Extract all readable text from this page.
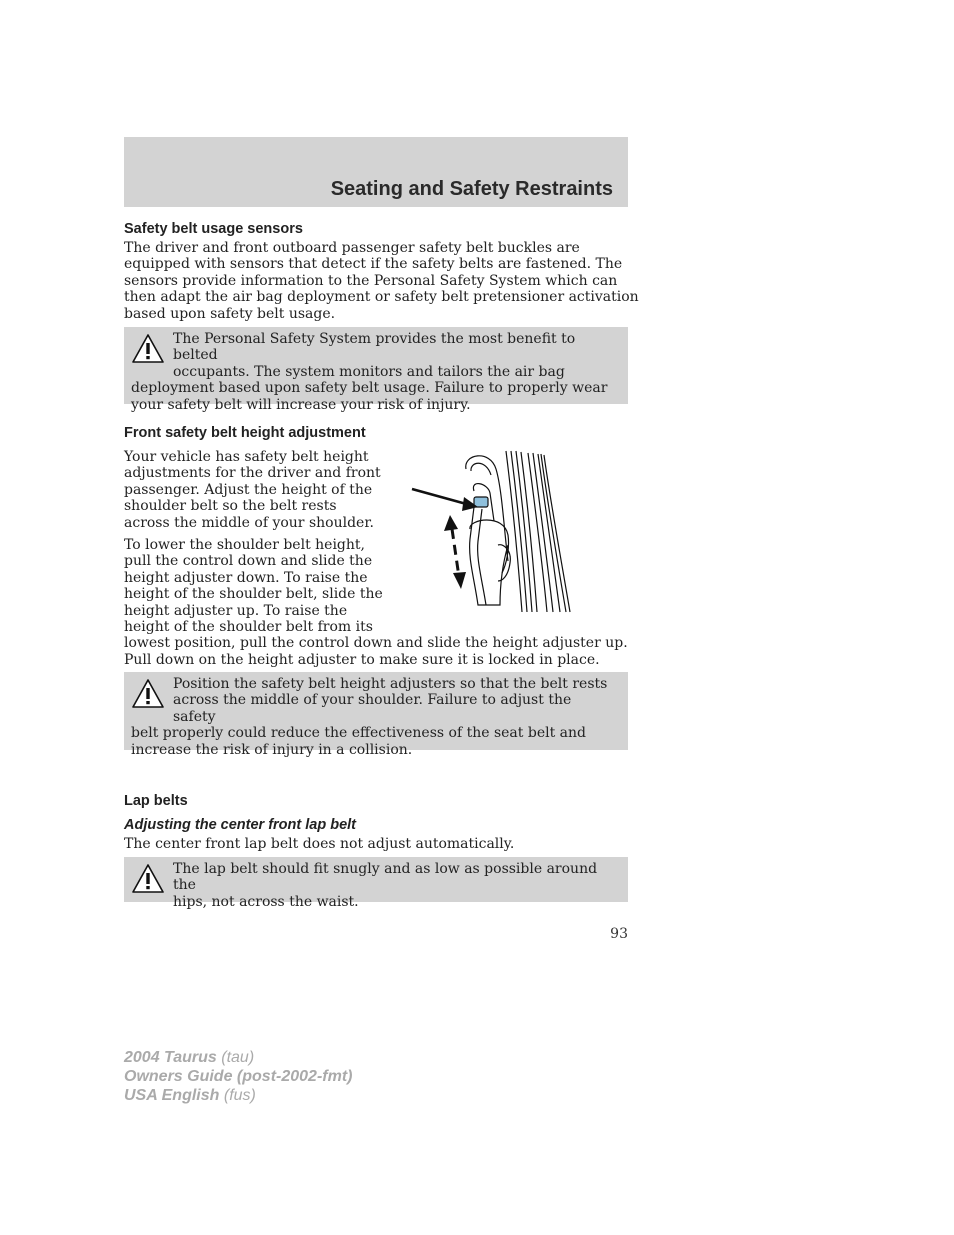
Seating and Safety Restraints
Safety belt usage sensors

The driver and front outboard passenger safety belt buckles are
equipped with sensors that detect if the safety belts are fastened. The
sensors provide information to the Personal Safety System which can
then adapt the air bag deployment or safety belt pretensioner activation
based upon safety belt usage.

The Personal Safety System provides the most benefit to belted
occupants. The system monitors and tailors the air bag
deployment based upon safety belt usage. Failure to properly wear
your safety belt will increase your risk of injury.

Front safety belt height adjustment

Your vehicle has safety belt height
adjustments for the driver and front
passenger. Adjust the height of the
shoulder belt so the belt rests
across the middle of your shoulder.

To lower the shoulder belt height,
pull the control down and slide the
height adjuster down. To raise the
height of the shoulder belt, slide the
height adjuster up. To raise the
height of the shoulder belt from its
lowest position, pull the control down and slide the height adjuster up.
Pull down on the height adjuster to make sure it is locked in place.

Position the safety belt height adjusters so that the belt rests
across the middle of your shoulder. Failure to adjust the safety
belt properly could reduce the effectiveness of the seat belt and
increase the risk of injury in a collision.

Lap belts
Adjusting the center front lap belt

The center front lap belt does not adjust automatically.

The lap belt should fit snugly and as low as possible around the
hips, not across the waist.

93
2004 Taurus (tau)
Owners Guide (post-2002-fmt)
USA English (fus)
